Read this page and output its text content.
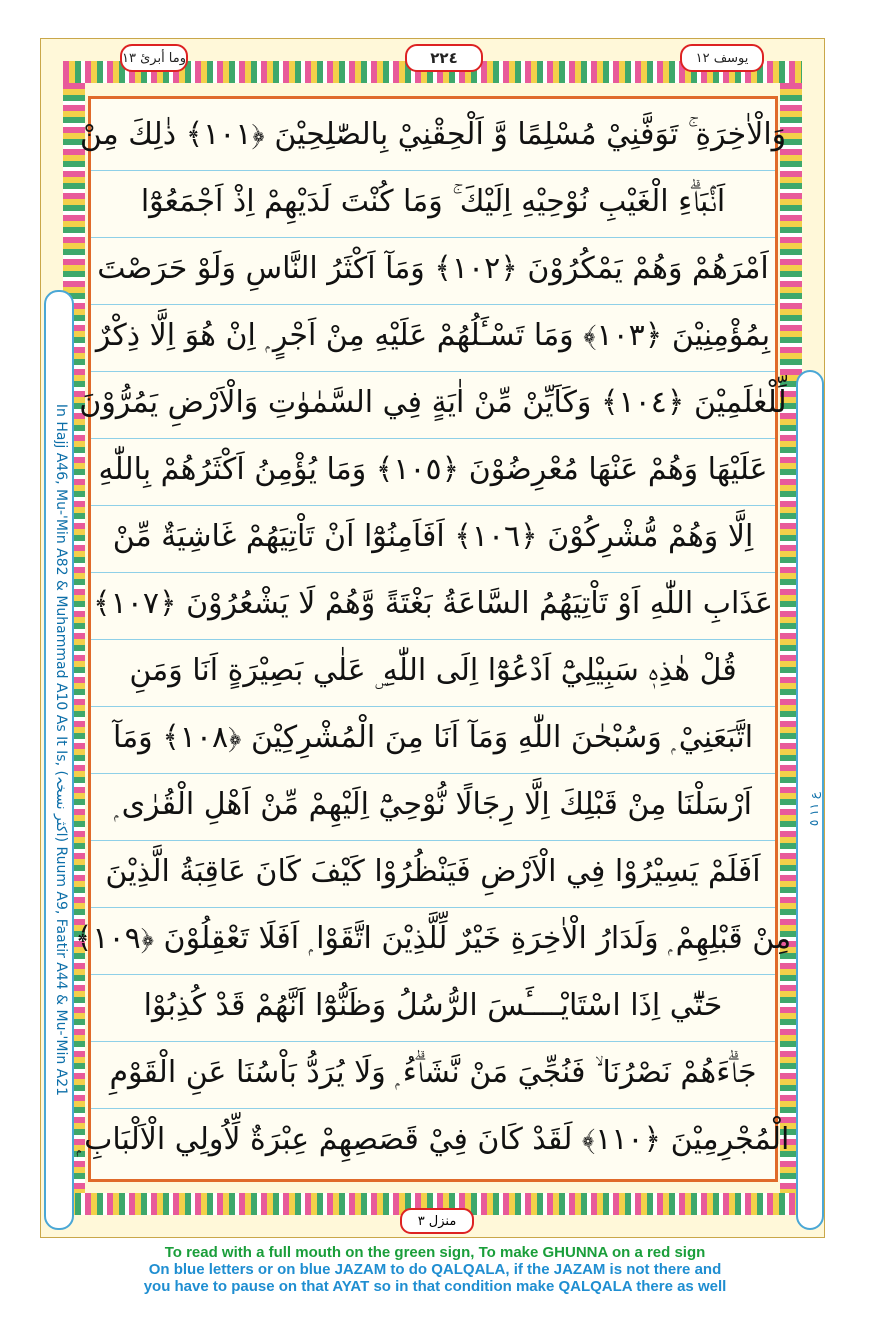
وما أبرئ ١٣	٢٢٤	يوسف ١٢
وَالْاٰخِرَةِ ۚ تَوَفَّنِيْ مُسْلِمًا وَّ اَلْحِقْنِيْ بِالصّٰلِحِيْنَ ﴿١٠١﴾ ذٰلِكَ مِنْ
اَنْۢبَاۗءِ الْغَيْبِ نُوْحِيْهِ اِلَيْكَ ۚ وَمَا كُنْتَ لَدَيْهِمْ اِذْ اَجْمَعُوْٓا
اَمْرَهُمْ وَهُمْ يَمْكُرُوْنَ ﴿١٠٢﴾ وَمَآ اَكْثَرُ النَّاسِ وَلَوْ حَرَصْتَ
بِمُؤْمِنِيْنَ ﴿١٠٣﴾ وَمَا تَسْـَٔلُهُمْ عَلَيْهِ مِنْ اَجْرٍ ۭ اِنْ هُوَ اِلَّا ذِكْرٌ
لِّلْعٰلَمِيْنَ ﴿١٠٤﴾ وَكَاَيِّنْ مِّنْ اٰيَةٍ فِي السَّمٰوٰتِ وَالْاَرْضِ يَمُرُّوْنَ
عَلَيْهَا وَهُمْ عَنْهَا مُعْرِضُوْنَ ﴿١٠٥﴾ وَمَا يُؤْمِنُ اَكْثَرُهُمْ بِاللّٰهِ
اِلَّا وَهُمْ مُّشْرِكُوْنَ ﴿١٠٦﴾ اَفَاَمِنُوْٓا اَنْ تَاْتِيَهُمْ غَاشِيَةٌ مِّنْ
عَذَابِ اللّٰهِ اَوْ تَاْتِيَهُمُ السَّاعَةُ بَغْتَةً وَّهُمْ لَا يَشْعُرُوْنَ ﴿١٠٧﴾
قُلْ هٰذِهٖ سَبِيْلِيْٓ اَدْعُوْٓا اِلَى اللّٰهِ ۣ عَلٰي بَصِيْرَةٍ اَنَا وَمَنِ
اتَّبَعَنِيْ ۭ وَسُبْحٰنَ اللّٰهِ وَمَآ اَنَا مِنَ الْمُشْرِكِيْنَ ﴿١٠٨﴾ وَمَآ
اَرْسَلْنَا مِنْ قَبْلِكَ اِلَّا رِجَالًا نُّوْحِيْٓ اِلَيْهِمْ مِّنْ اَهْلِ الْقُرٰى ۭ
اَفَلَمْ يَسِيْرُوْا فِي الْاَرْضِ فَيَنْظُرُوْا كَيْفَ كَانَ عَاقِبَةُ الَّذِيْنَ
مِنْ قَبْلِهِمْ ۭ وَلَدَارُ الْاٰخِرَةِ خَيْرٌ لِّلَّذِيْنَ اتَّقَوْا ۭ اَفَلَا تَعْقِلُوْنَ ﴿١٠٩﴾
حَتّٰٓي اِذَا اسْتَايْــــَٔسَ الرُّسُلُ وَظَنُّوْٓا اَنَّهُمْ قَدْ كُذِبُوْا
جَاۗءَهُمْ نَصْرُنَا ۙ فَنُجِّيَ مَنْ نَّشَاۗءُ ۭ وَلَا يُرَدُّ بَاْسُنَا عَنِ الْقَوْمِ
الْمُجْرِمِيْنَ ﴿١١٠﴾ لَقَدْ كَانَ فِيْ قَصَصِهِمْ عِبْرَةٌ لِّاُولِي الْاَلْبَابِ ۭ
In Hajj A46, Mu-'Min A82 & Muhammad A10 As It Is, (اکثر نسخہ) Ruum A9, Faatir A44 & Mu-'Min A21
ع ١١ ٥
منزل ٣
To read with a full mouth on the green sign, To make GHUNNA on a red sign
On blue letters or on blue JAZAM to do QALQALA, if the JAZAM is not there and
you have to pause on that AYAT so in that condition make QALQALA there as well
